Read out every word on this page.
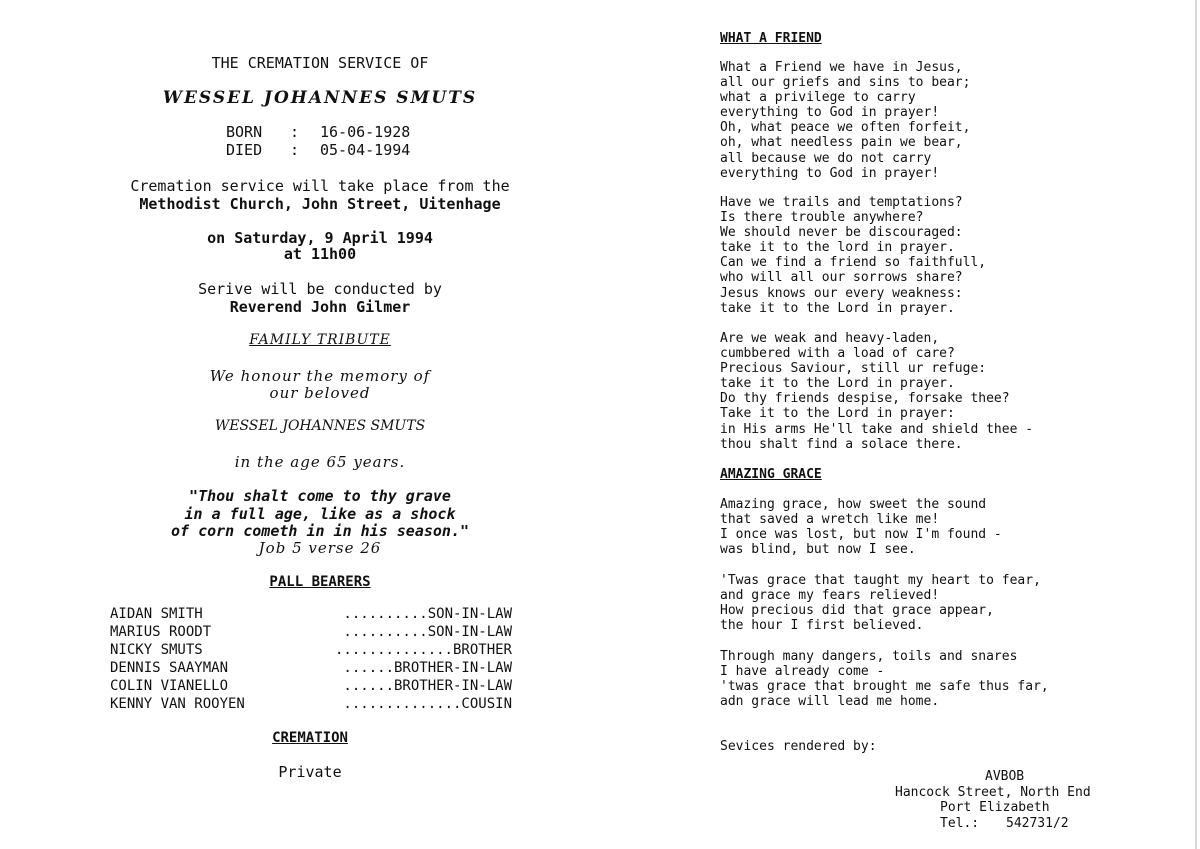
THE CREMATION SERVICE OF

WESSEL JOHANNES SMUTS

BORN : 16-06-1928
DIED : 05-04-1994

Cremation service will take place from the

Methodist Church, John Street, Uitenhage

on Saturday, 9 April 1994

at 11h00

Serive will be conducted by

Reverend John Gilmer

FAMILY TRIBUTE

We honour the memory of

our beloved

WESSEL JOHANNES SMUTS

in the age 65 years.

"Thou shalt come to thy grave

in a full age, like as a shock

of corn cometh in in his season."

Job 5 verse 26

PALL BEARERS

AIDAN SMITH	..........SON-IN-LAW
MARIUS ROODT	..........SON-IN-LAW
NICKY SMUTS	..............BROTHER
DENNIS SAAYMAN	......BROTHER-IN-LAW
COLIN VIANELLO	......BROTHER-IN-LAW
KENNY VAN ROOYEN	..............COUSIN

CREMATION

Private

WHAT A FRIEND

What a Friend we have in Jesus,
all our griefs and sins to bear;
what a privilege to carry
everything to God in prayer!
Oh, what peace we often forfeit,
oh, what needless pain we bear,
all because we do not carry
everything to God in prayer!

Have we trails and temptations?
Is there trouble anywhere?
We should never be discouraged:
take it to the lord in prayer.
Can we find a friend so faithfull,
who will all our sorrows share?
Jesus knows our every weakness:
take it to the Lord in prayer.

Are we weak and heavy-laden,
cumbbered with a load of care?
Precious Saviour, still ur refuge:
take it to the Lord in prayer.
Do thy friends despise, forsake thee?
Take it to the Lord in prayer:
in His arms He'll take and shield thee -
thou shalt find a solace there.

AMAZING GRACE

Amazing grace, how sweet the sound
that saved a wretch like me!
I once was lost, but now I'm found -
was blind, but now I see.

'Twas grace that taught my heart to fear,
and grace my fears relieved!
How precious did that grace appear,
the hour I first believed.

Through many dangers, toils and snares
I have already come -
'twas grace that brought me safe thus far,
adn grace will lead me home.

Sevices rendered by:

AVBOB

Hancock Street, North End

Port Elizabeth

Tel.: 542731/2
